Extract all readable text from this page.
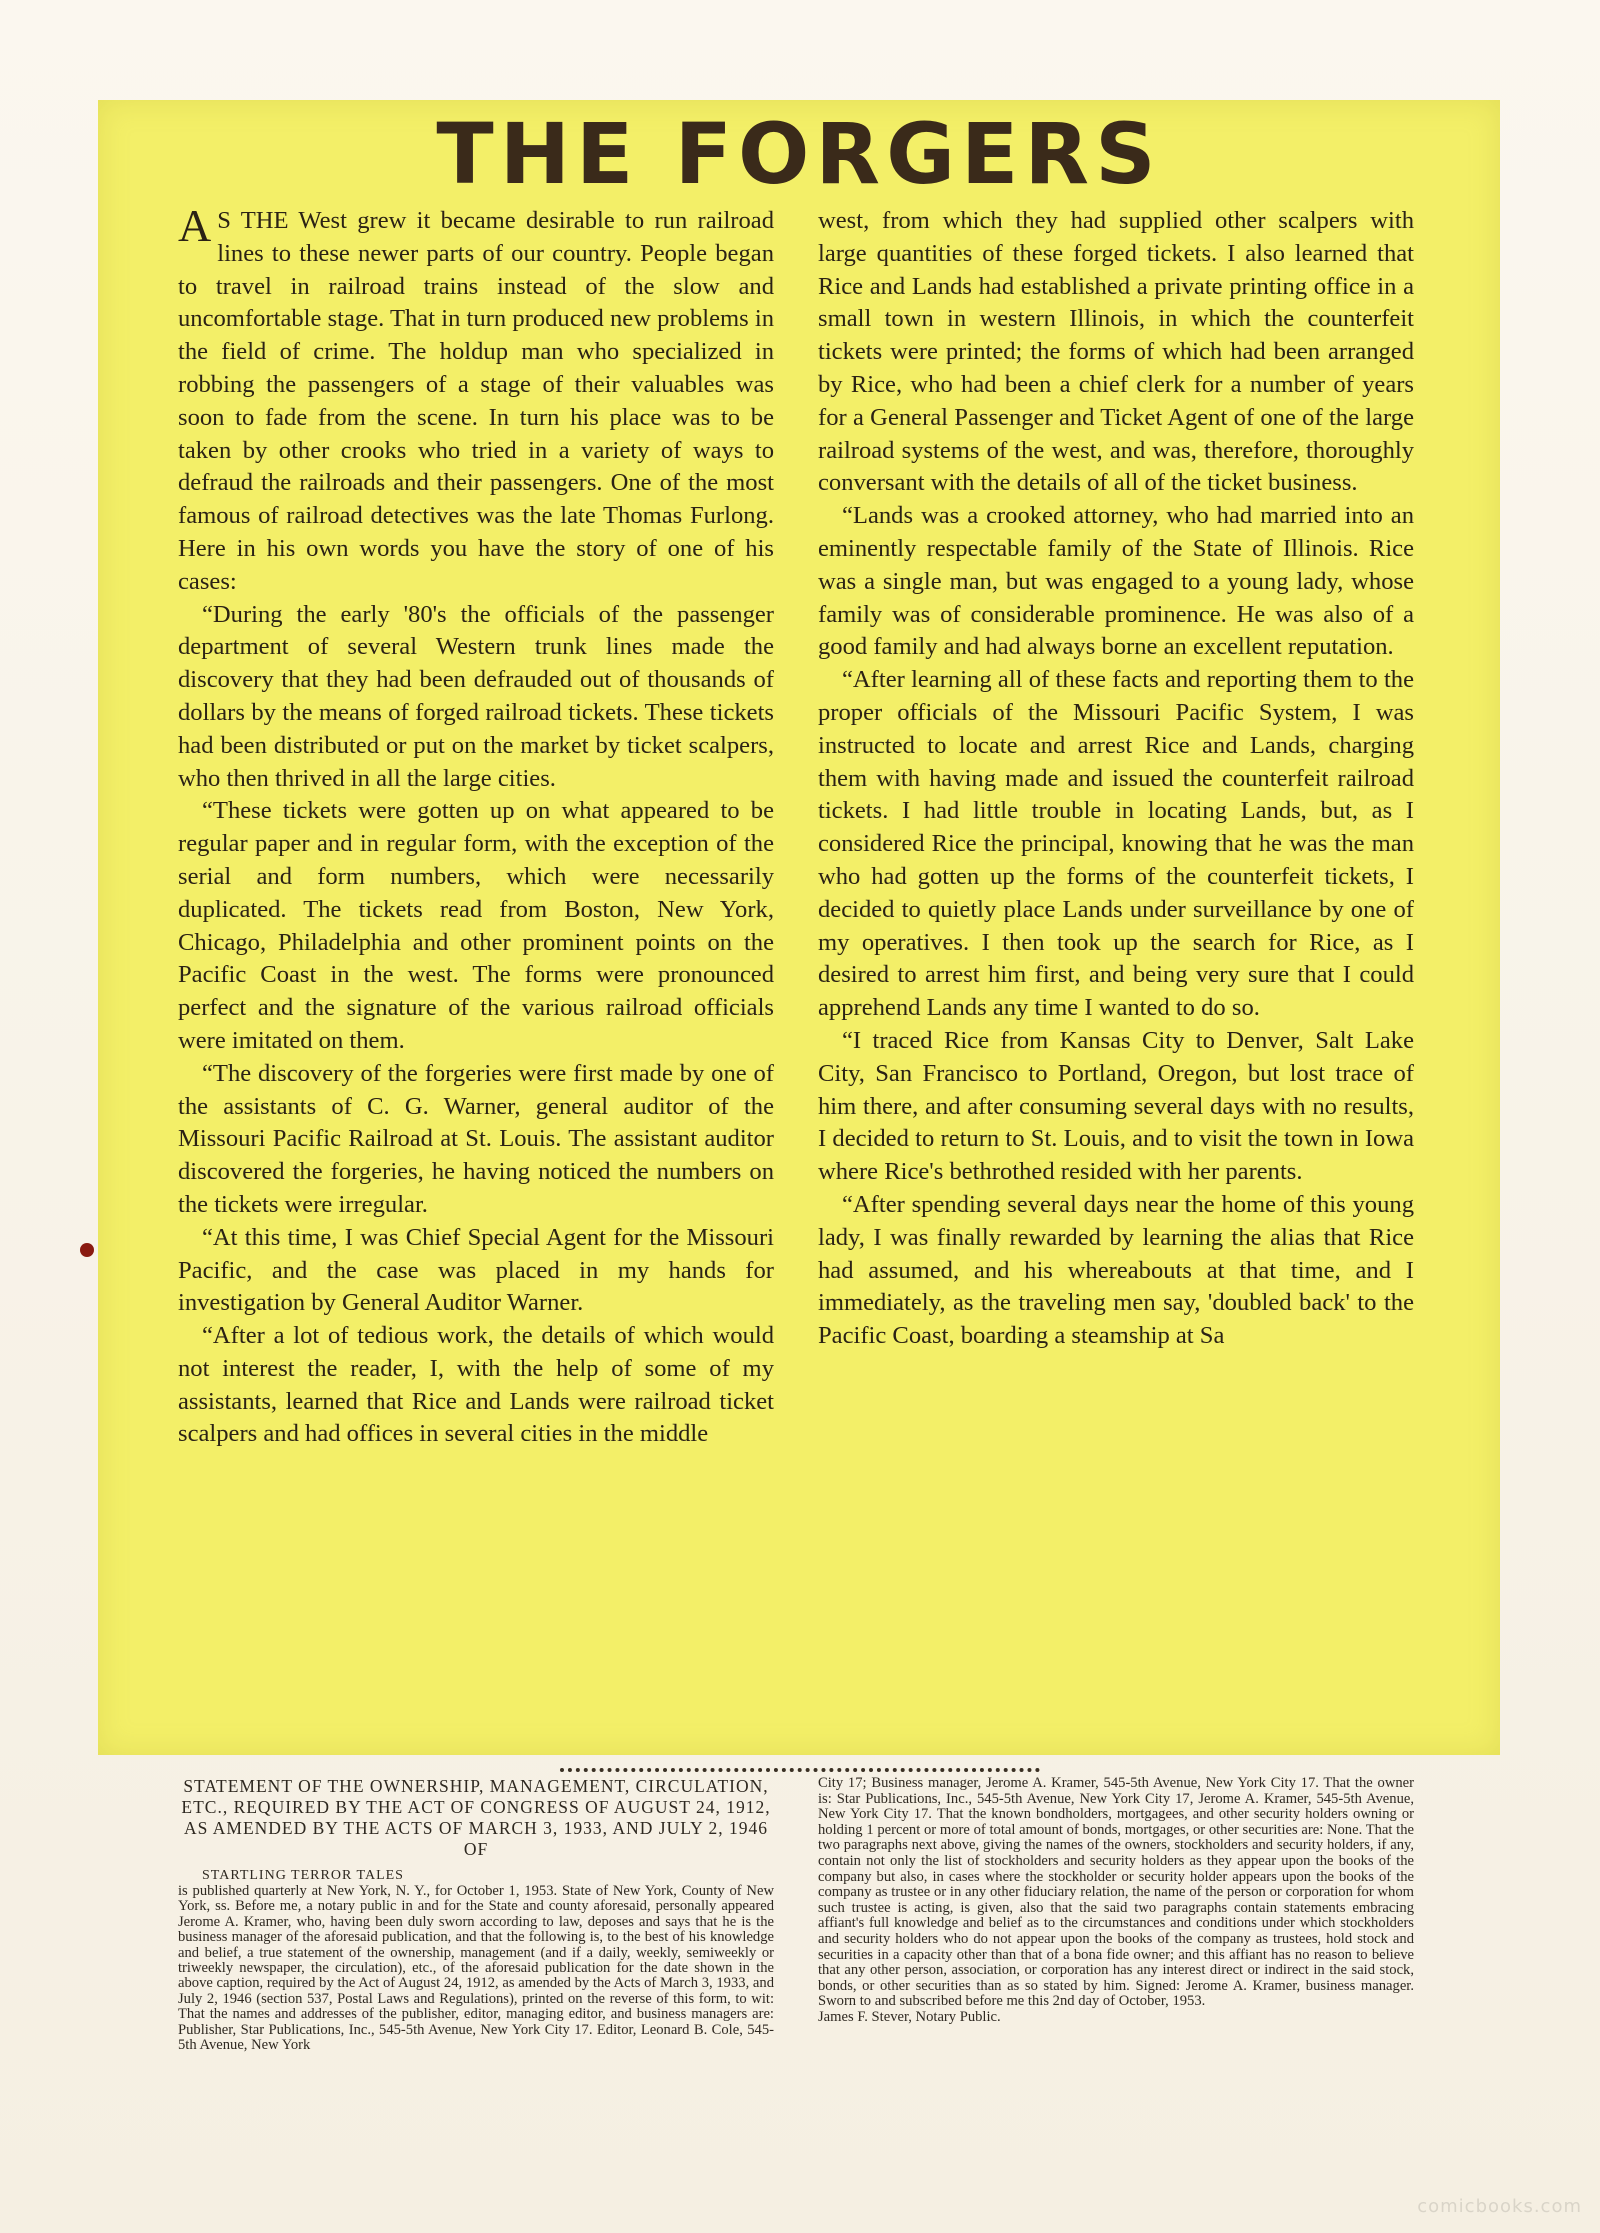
THE FORGERS

A S THE West grew it became desirable to run railroad lines to these newer parts of our country. People began to travel in railroad trains instead of the slow and uncomfortable stage. That in turn produced new problems in the field of crime. The holdup man who specialized in robbing the passengers of a stage of their valuables was soon to fade from the scene. In turn his place was to be taken by other crooks who tried in a variety of ways to defraud the railroads and their passengers. One of the most famous of railroad detectives was the late Thomas Furlong. Here in his own words you have the story of one of his cases:

“During the early '80's the officials of the passenger department of several Western trunk lines made the discovery that they had been defrauded out of thousands of dollars by the means of forged railroad tickets. These tickets had been distributed or put on the market by ticket scalpers, who then thrived in all the large cities.

“These tickets were gotten up on what appeared to be regular paper and in regular form, with the exception of the serial and form numbers, which were necessarily duplicated. The tickets read from Boston, New York, Chicago, Philadelphia and other prominent points on the Pacific Coast in the west. The forms were pronounced perfect and the signature of the various railroad officials were imitated on them.

“The discovery of the forgeries were first made by one of the assistants of C. G. Warner, general auditor of the Missouri Pacific Railroad at St. Louis. The assistant auditor discovered the forgeries, he having noticed the numbers on the tickets were irregular.

“At this time, I was Chief Special Agent for the Missouri Pacific, and the case was placed in my hands for investigation by General Auditor Warner.

“After a lot of tedious work, the details of which would not interest the reader, I, with the help of some of my assistants, learned that Rice and Lands were railroad ticket scalpers and had offices in several cities in the middle

west, from which they had supplied other scalpers with large quantities of these forged tickets. I also learned that Rice and Lands had established a private printing office in a small town in western Illinois, in which the counterfeit tickets were printed; the forms of which had been arranged by Rice, who had been a chief clerk for a number of years for a General Passenger and Ticket Agent of one of the large railroad systems of the west, and was, therefore, thoroughly conversant with the details of all of the ticket business.

“Lands was a crooked attorney, who had married into an eminently respectable family of the State of Illinois. Rice was a single man, but was engaged to a young lady, whose family was of considerable prominence. He was also of a good family and had always borne an excellent reputation.

“After learning all of these facts and reporting them to the proper officials of the Missouri Pacific System, I was instructed to locate and arrest Rice and Lands, charging them with having made and issued the counterfeit railroad tickets. I had little trouble in locating Lands, but, as I considered Rice the principal, knowing that he was the man who had gotten up the forms of the counterfeit tickets, I decided to quietly place Lands under surveillance by one of my operatives. I then took up the search for Rice, as I desired to arrest him first, and being very sure that I could apprehend Lands any time I wanted to do so.

“I traced Rice from Kansas City to Denver, Salt Lake City, San Francisco to Portland, Oregon, but lost trace of him there, and after consuming several days with no results, I decided to return to St. Louis, and to visit the town in Iowa where Rice's bethrothed resided with her parents.

“After spending several days near the home of this young lady, I was finally rewarded by learning the alias that Rice had assumed, and his whereabouts at that time, and I immediately, as the traveling men say, 'doubled back' to the Pacific Coast, boarding a steamship at Sa

STATEMENT OF THE OWNERSHIP, MANAGEMENT, CIRCULATION, ETC., REQUIRED BY THE ACT OF CONGRESS OF AUGUST 24, 1912, AS AMENDED BY THE ACTS OF MARCH 3, 1933, AND JULY 2, 1946 OF

STARTLING TERROR TALES

is published quarterly at New York, N. Y., for October 1, 1953. State of New York, County of New York, ss. Before me, a notary public in and for the State and county aforesaid, personally appeared Jerome A. Kramer, who, having been duly sworn according to law, deposes and says that he is the business manager of the aforesaid publication, and that the following is, to the best of his knowledge and belief, a true statement of the ownership, management (and if a daily, weekly, semiweekly or triweekly newspaper, the circulation), etc., of the aforesaid publication for the date shown in the above caption, required by the Act of August 24, 1912, as amended by the Acts of March 3, 1933, and July 2, 1946 (section 537, Postal Laws and Regulations), printed on the reverse of this form, to wit: That the names and addresses of the publisher, editor, managing editor, and business managers are: Publisher, Star Publications, Inc., 545-5th Avenue, New York City 17. Editor, Leonard B. Cole, 545-5th Avenue, New York

City 17; Business manager, Jerome A. Kramer, 545-5th Avenue, New York City 17. That the owner is: Star Publications, Inc., 545-5th Avenue, New York City 17, Jerome A. Kramer, 545-5th Avenue, New York City 17. That the known bondholders, mortgagees, and other security holders owning or holding 1 percent or more of total amount of bonds, mortgages, or other securities are: None. That the two paragraphs next above, giving the names of the owners, stockholders and security holders, if any, contain not only the list of stockholders and security holders as they appear upon the books of the company but also, in cases where the stockholder or security holder appears upon the books of the company as trustee or in any other fiduciary relation, the name of the person or corporation for whom such trustee is acting, is given, also that the said two paragraphs contain statements embracing affiant's full knowledge and belief as to the circumstances and conditions under which stockholders and security holders who do not appear upon the books of the company as trustees, hold stock and securities in a capacity other than that of a bona fide owner; and this affiant has no reason to believe that any other person, association, or corporation has any interest direct or indirect in the said stock, bonds, or other securities than as so stated by him. Signed: Jerome A. Kramer, business manager. Sworn to and subscribed before me this 2nd day of October, 1953.

James F. Stever, Notary Public.

comicbooks.com
